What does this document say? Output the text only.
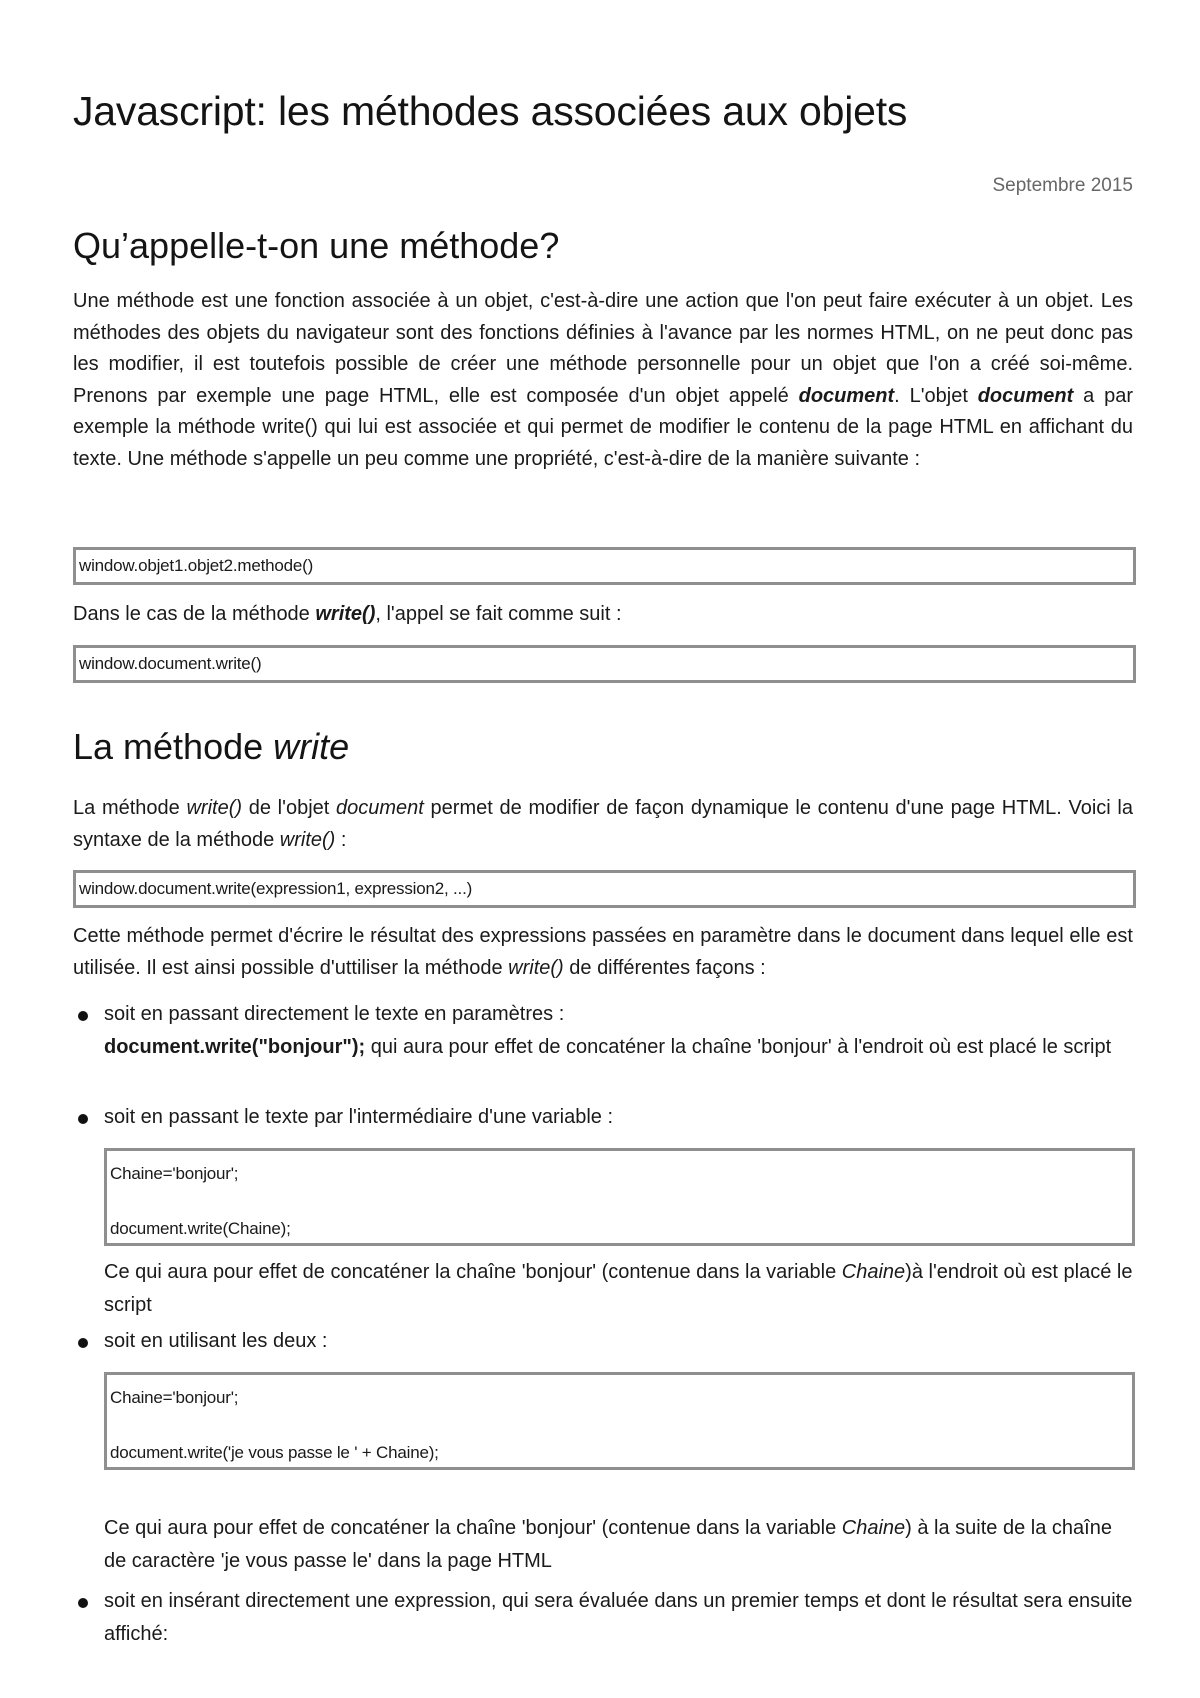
Javascript: les méthodes associées aux objets
Septembre 2015
Qu’appelle-t-on une méthode?

Une méthode est une fonction associée à un objet, c'est-à-dire une action que l'on peut faire exécuter à un objet. Les méthodes des objets du navigateur sont des fonctions définies à l'avance par les normes HTML, on ne peut donc pas les modifier, il est toutefois possible de créer une méthode personnelle pour un objet que l'on a créé soi-même. Prenons par exemple une page HTML, elle est composée d'un objet appelé document. L'objet document a par exemple la méthode write() qui lui est associée et qui permet de modifier le contenu de la page HTML en affichant du texte. Une méthode s'appelle un peu comme une propriété, c'est-à-dire de la manière suivante :

window.objet1.objet2.methode()

Dans le cas de la méthode write(), l'appel se fait comme suit :

window.document.write()
La méthode write

La méthode write() de l'objet document permet de modifier de façon dynamique le contenu d'une page HTML. Voici la syntaxe de la méthode write() :

window.document.write(expression1, expression2, ...)

Cette méthode permet d'écrire le résultat des expressions passées en paramètre dans le document dans lequel elle est utilisée. Il est ainsi possible d'uttiliser la méthode write() de différentes façons :

soit en passant directement le texte en paramètres :
document.write("bonjour"); qui aura pour effet de concaténer la chaîne 'bonjour' à l'endroit où est placé le script

soit en passant le texte par l'intermédiaire d'une variable :

Chaine='bonjour';
document.write(Chaine);

Ce qui aura pour effet de concaténer la chaîne 'bonjour' (contenue dans la variable Chaine)à l'endroit où est placé le script

soit en utilisant les deux :

Chaine='bonjour';
document.write('je vous passe le ' + Chaine);

Ce qui aura pour effet de concaténer la chaîne 'bonjour' (contenue dans la variable Chaine) à la suite de la chaîne de caractère 'je vous passe le' dans la page HTML

soit en insérant directement une expression, qui sera évaluée dans un premier temps et dont le résultat sera ensuite affiché:
